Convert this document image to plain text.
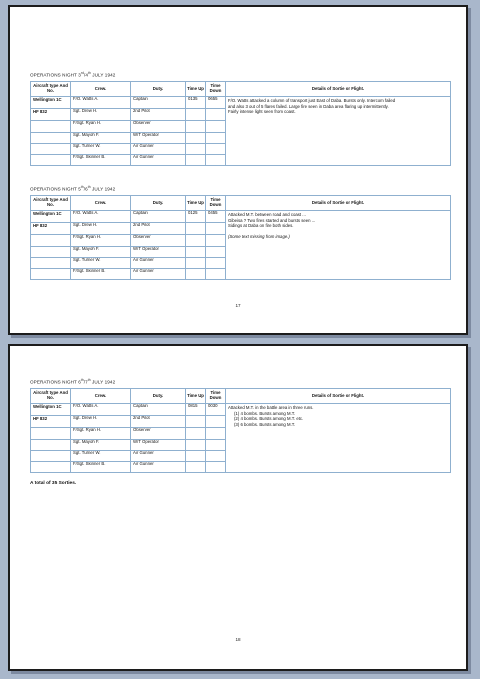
OPERATIONS NIGHT 3rd/4th JULY 1942
Aircraft type And No.	Crew.	Duty.	Time Up	Time Down	Details of Sortie or Flight.
Wellington 1C	F/O. Watts A.	Captain	0135	0655	F/O. Watts attacked a column of transport just East of Daba. Bursts only. Intercom failed
and also 3 out of 5 flares failed. Large fire seen in Daba area flaring up intermittently.
Fairly intense light seen from coast.

HF 832	Sgt. Drew H.	2nd Pilot			
	F/Sgt. Ryan H.	Observer			
	Sgt. Mayoh F.	W/T Operator			
	Sgt. Turner W.	Air Gunner			
	F/Sgt. Skinner B.	Air Gunner			
OPERATIONS NIGHT 5th/6th JULY 1942
Aircraft type And No.	Crew.	Duty.	Time Up	Time Down	Details of Sortie or Flight.
Wellington 1C	F/O. Watts A.	Captain	0125	0455	Attacked M.T. between road and coast ...
Gibeisa ? Two fires started and bursts seen ...
Sidings at Daba on fire both sides.
(Some text missing from image.)

HF 832	Sgt. Drew H.	2nd Pilot			
	F/Sgt. Ryan H.	Observer			
	Sgt. Mayoh F.	W/T Operator			
	Sgt. Turner W.	Air Gunner			
	F/Sgt. Skinner B.	Air Gunner			
17
OPERATIONS NIGHT 6th/7th JULY 1942
Aircraft type And No.	Crew.	Duty.	Time Up	Time Down	Details of Sortie or Flight.
Wellington 1C	F/O. Watts A.	Captain	0815	0030	Attacked M.T. in the battle area in three runs.
(1) 4 bombs. Bursts among M.T.
(2) 4 bombs. Bursts among M.T. etc.
(3) 6 bombs. Bursts among M.T.

HF 832	Sgt. Drew H.	2nd Pilot			
	F/Sgt. Ryan H.	Observer			
	Sgt. Mayoh F.	W/T Operator			
	Sgt. Turner W.	Air Gunner			
	F/Sgt. Skinner B.	Air Gunner			
A total of 35 Sorties.
18
